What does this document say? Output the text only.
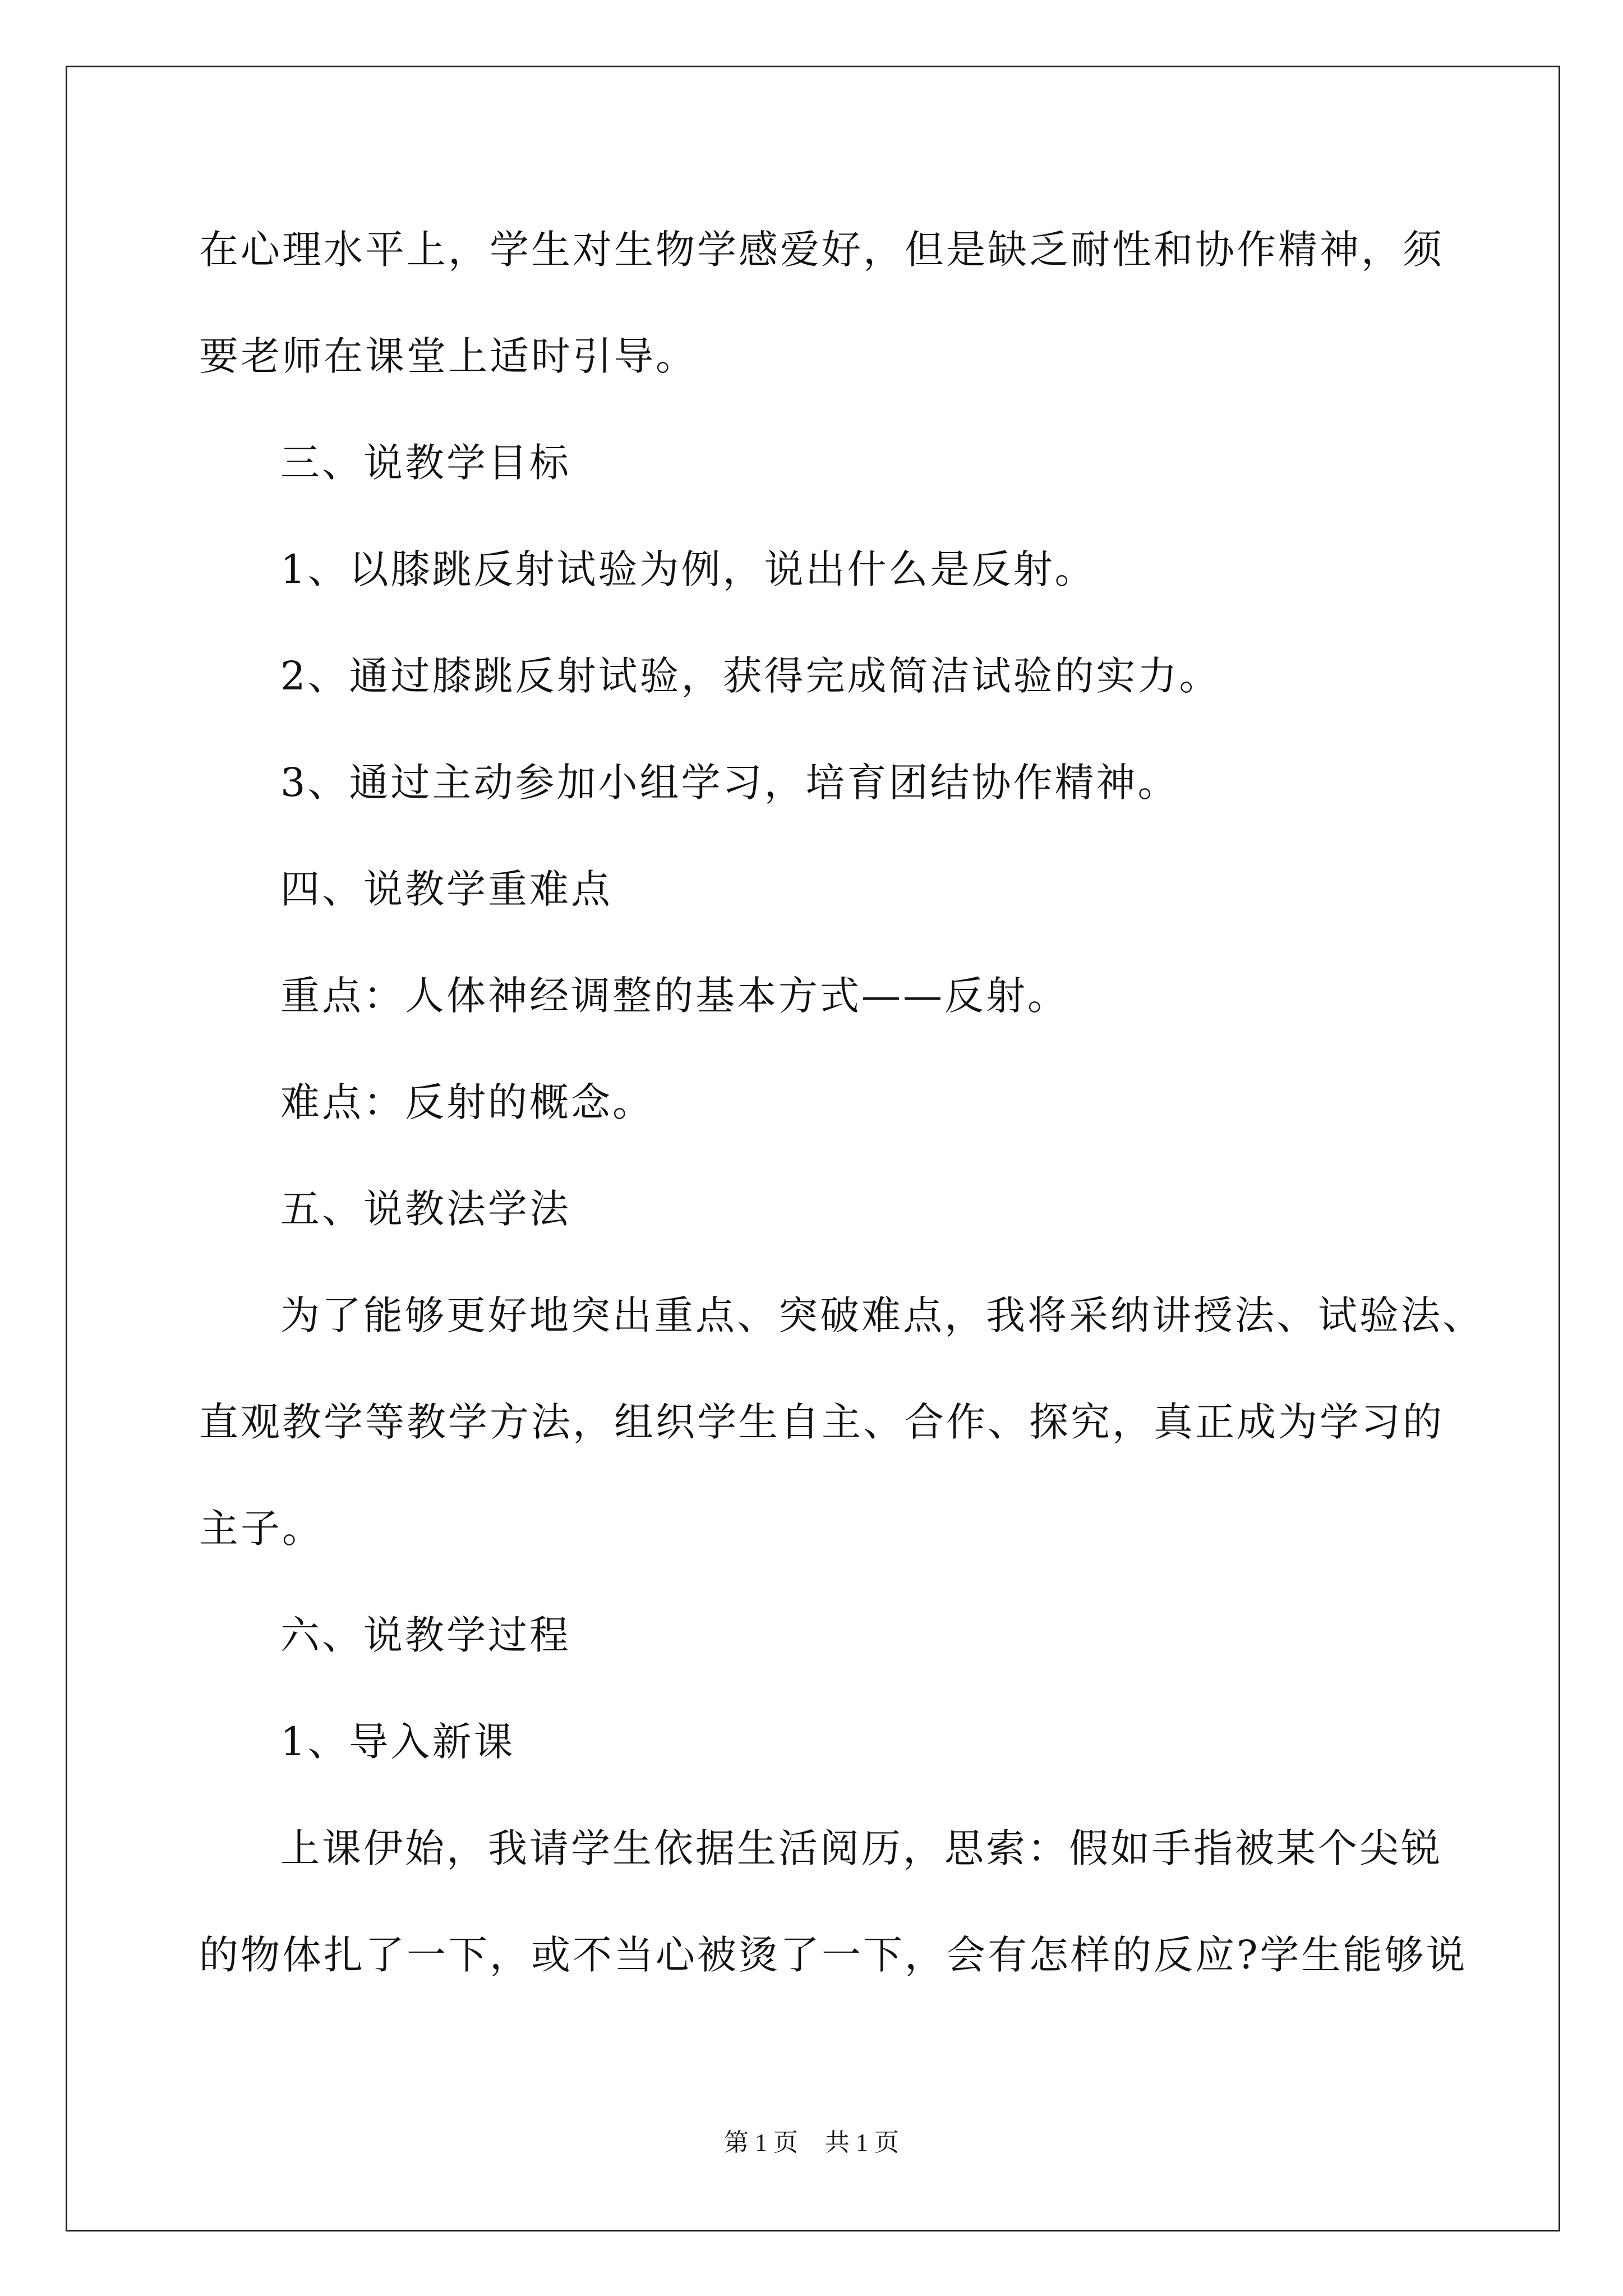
在心理水平上，学生对生物学感爱好，但是缺乏耐性和协作精神，须
要老师在课堂上适时引导。
三、说教学目标
1、以膝跳反射试验为例，说出什么是反射。
2、通过膝跳反射试验，获得完成简洁试验的实力。
3、通过主动参加小组学习，培育团结协作精神。
四、说教学重难点
重点：人体神经调整的基本方式——反射。
难点：反射的概念。
五、说教法学法
为了能够更好地突出重点、突破难点，我将采纳讲授法、试验法、
直观教学等教学方法，组织学生自主、合作、探究，真正成为学习的
主子。
六、说教学过程
1、导入新课
上课伊始，我请学生依据生活阅历，思索：假如手指被某个尖锐
的物体扎了一下，或不当心被烫了一下，会有怎样的反应?学生能够说
第 1 页 共 1 页
